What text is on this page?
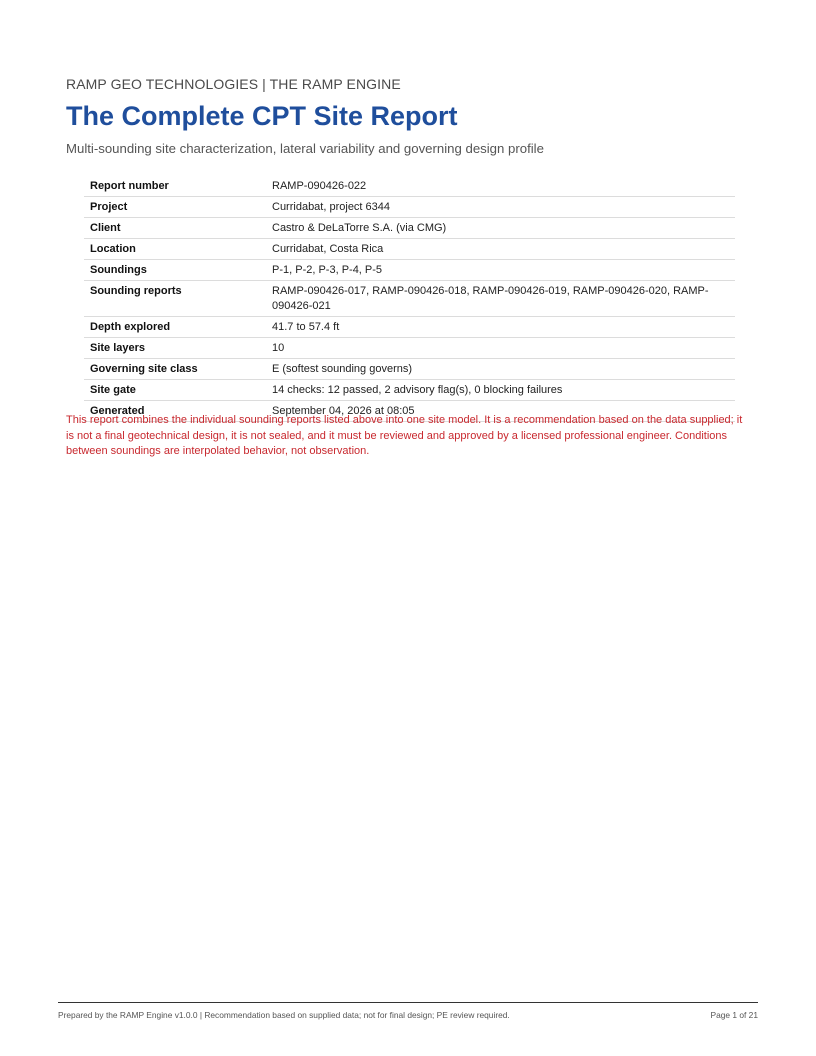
RAMP GEO TECHNOLOGIES | THE RAMP ENGINE
The Complete CPT Site Report
Multi-sounding site characterization, lateral variability and governing design profile
Report number	RAMP-090426-022
Project	Curridabat, project 6344
Client	Castro & DeLaTorre S.A. (via CMG)
Location	Curridabat, Costa Rica
Soundings	P-1, P-2, P-3, P-4, P-5
Sounding reports	RAMP-090426-017, RAMP-090426-018, RAMP-090426-019, RAMP-090426-020, RAMP-090426-021
Depth explored	41.7 to 57.4 ft
Site layers	10
Governing site class	E (softest sounding governs)
Site gate	14 checks: 12 passed, 2 advisory flag(s), 0 blocking failures
Generated	September 04, 2026 at 08:05
This report combines the individual sounding reports listed above into one site model. It is a recommendation based on the data supplied; it is not a final geotechnical design, it is not sealed, and it must be reviewed and approved by a licensed professional engineer. Conditions between soundings are interpolated behavior, not observation.
Prepared by the RAMP Engine v1.0.0 | Recommendation based on supplied data; not for final design; PE review required.	Page 1 of 21
